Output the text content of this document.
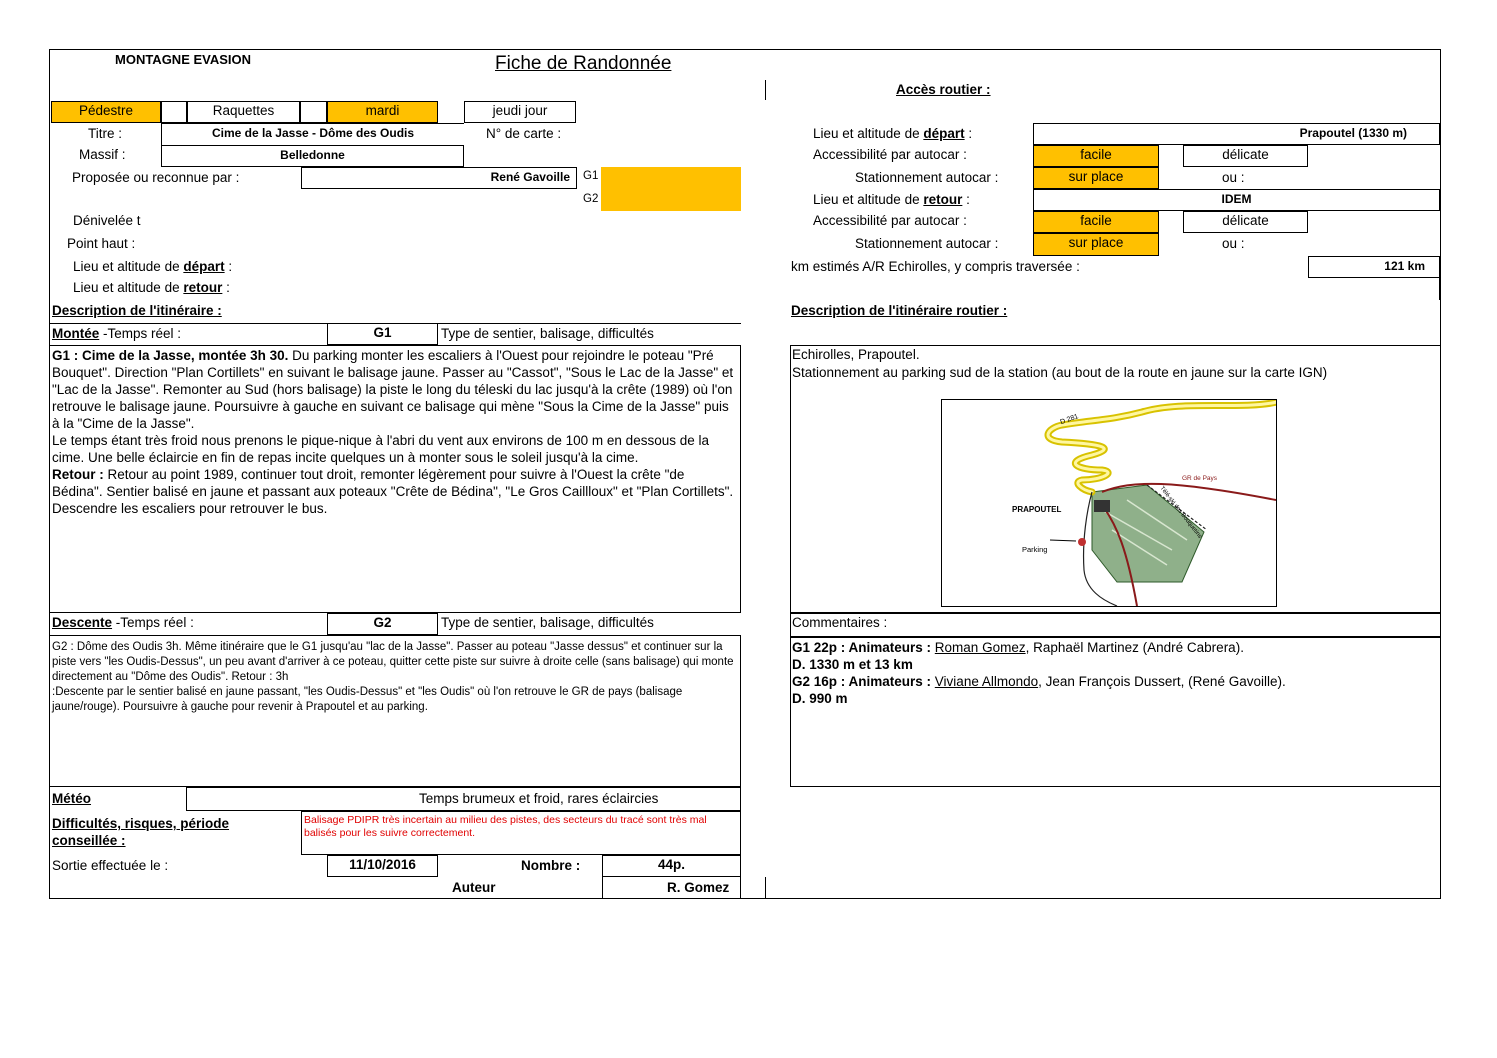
MONTAGNE EVASION	Fiche de Randonnée
Accès routier :
Pédestre	Raquettes	mardi	jeudi jour
Titre :	Cime de la Jasse - Dôme des Oudis	N° de carte :
Massif :	Belledonne
Proposée ou reconnue par :	René Gavoille	G1
G2
Dénivelée t
Point haut :
Lieu et altitude de départ :
Lieu et altitude de retour :
Lieu et altitude de départ :	Prapoutel (1330 m)
Accessibilité par autocar :	facile	délicate
Stationnement autocar :	sur place	ou :
Lieu et altitude de retour :	IDEM
Accessibilité par autocar :	facile	délicate
Stationnement autocar :	sur place	ou :
km estimés A/R Echirolles, y compris traversée :	121 km
Description de l'itinéraire :	Description de l'itinéraire routier :
Montée -Temps réel :	G1	Type de sentier, balisage, difficultés
G1 : Cime de la Jasse, montée 3h 30. Du parking monter les escaliers à l'Ouest pour rejoindre le poteau "Pré Bouquet". Direction "Plan Cortillets" en suivant le balisage jaune. Passer au "Cassot", "Sous le Lac de la Jasse" et "Lac de la Jasse". Remonter au Sud (hors balisage) la piste le long du téleski du lac jusqu'à la crête (1989) où l'on retrouve le balisage jaune. Poursuivre à gauche en suivant ce balisage qui mène "Sous la Cime de la Jasse" puis à la "Cime de la Jasse".
Le temps étant très froid nous prenons le pique-nique à l'abri du vent aux environs de 100 m en dessous de la cime. Une belle éclaircie en fin de repas incite quelques un à monter sous le soleil jusqu'à la cime.
Retour : Retour au point 1989, continuer tout droit, remonter légèrement pour suivre à l'Ouest la crête "de Bédina". Sentier balisé en jaune et passant aux poteaux "Crête de Bédina", "Le Gros Caillloux" et "Plan Cortillets". Descendre les escaliers pour retrouver le bus.
Echirolles, Prapoutel.
Stationnement au parking sud de la station (au bout de la route en jaune sur la carte IGN)
D 281
GR de Pays
PRAPOUTEL
Parking
Télé-ski des Bouquetins
Descente -Temps réel :	G2	Type de sentier, balisage, difficultés	Commentaires :
G2 : Dôme des Oudis 3h. Même itinéraire que le G1 jusqu'au "lac de la Jasse". Passer au poteau "Jasse dessus" et continuer sur la piste vers "les Oudis-Dessus", un peu avant d'arriver à ce poteau, quitter cette piste sur suivre à droite celle (sans balisage) qui monte directement au "Dôme des Oudis". Retour : 3h
:Descente par le sentier balisé en jaune passant, "les Oudis-Dessus" et "les Oudis" où l'on retrouve le GR de pays (balisage jaune/rouge). Poursuivre à gauche pour revenir à Prapoutel et au parking.
G1 22p : Animateurs : Roman Gomez, Raphaël Martinez (André Cabrera).
D. 1330 m et 13 km
G2 16p : Animateurs : Viviane Allmondo, Jean François Dussert, (René Gavoille).
D. 990 m
Météo	Temps brumeux et froid, rares éclaircies
Difficultés, risques, période conseillée :
Balisage PDIPR très incertain au milieu des pistes, des secteurs du tracé sont très mal balisés pour les suivre correctement.
Sortie effectuée le :	11/10/2016	Nombre :	44p.
Auteur	R. Gomez
